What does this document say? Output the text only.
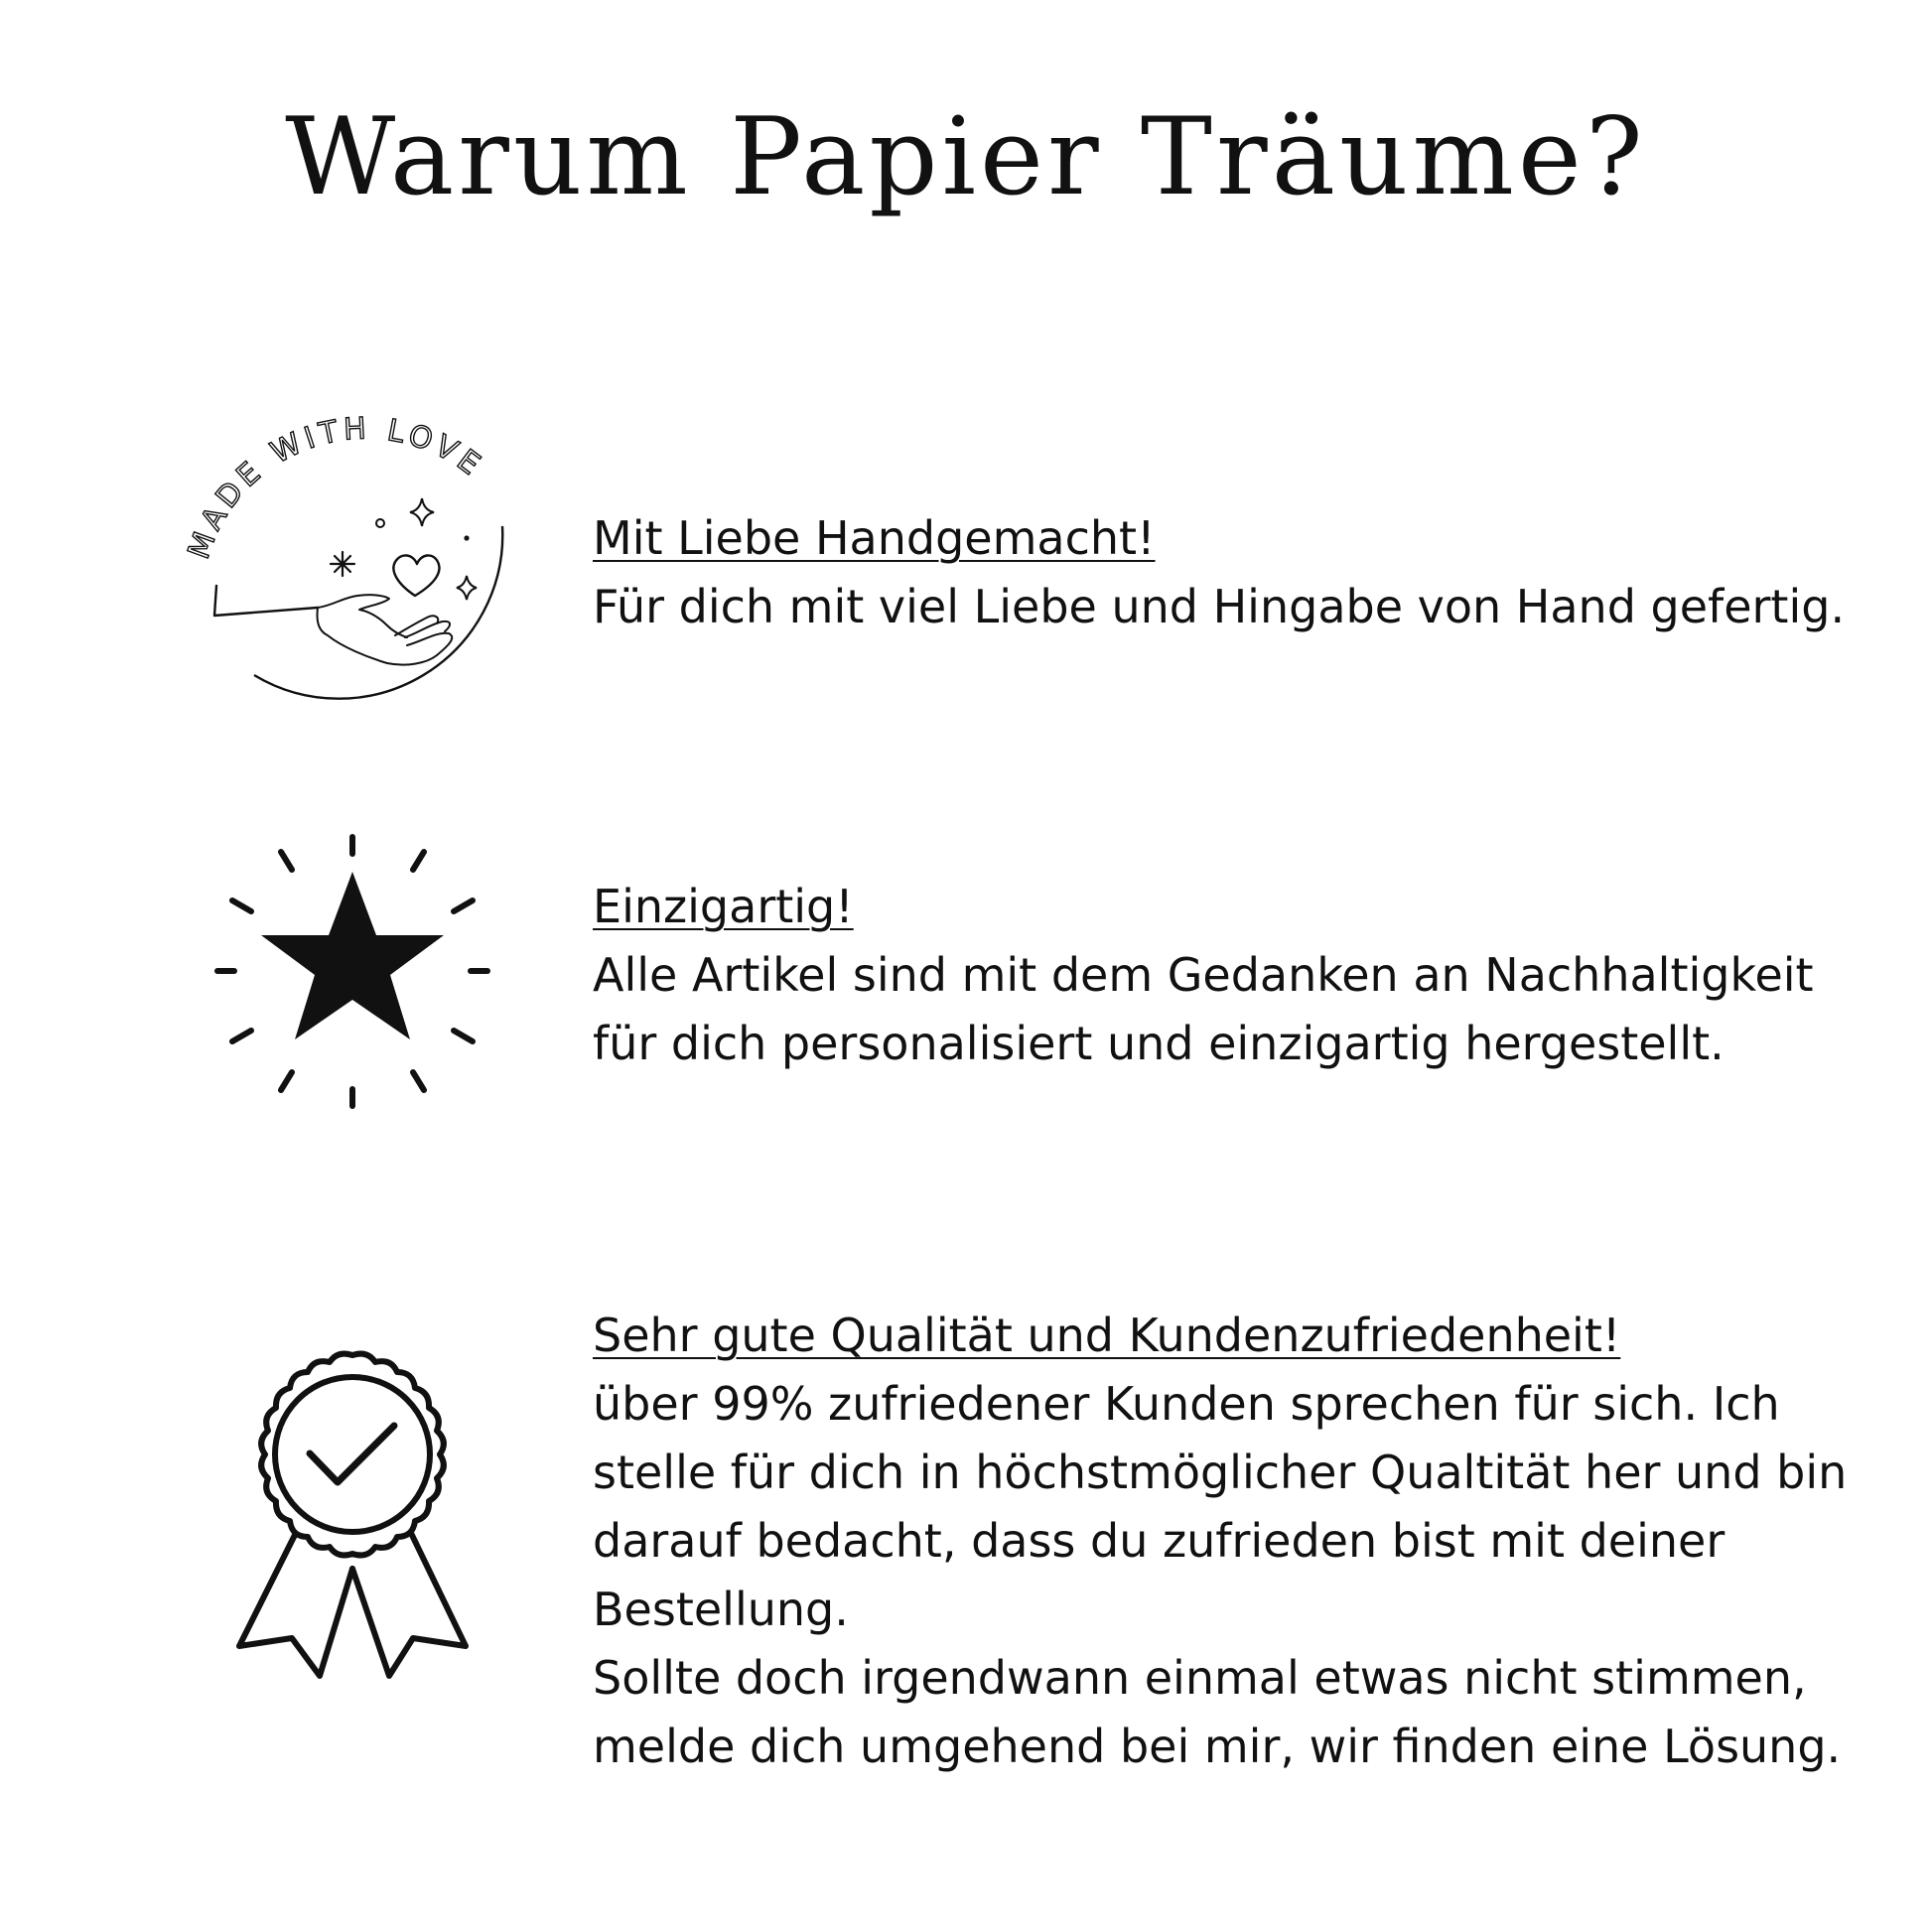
Warum Papier Träume?
MADE WITH LOVE
Mit Liebe Handgemacht!
Für dich mit viel Liebe und Hingabe von Hand gefertig.
Einzigartig!
Alle Artikel sind mit dem Gedanken an Nachhaltigkeit
für dich personalisiert und einzigartig hergestellt.
Sehr gute Qualität und Kundenzufriedenheit!
über 99% zufriedener Kunden sprechen für sich. Ich
stelle für dich in höchstmöglicher Qualtität her und bin
darauf bedacht, dass du zufrieden bist mit deiner
Bestellung.
Sollte doch irgendwann einmal etwas nicht stimmen,
melde dich umgehend bei mir, wir finden eine Lösung.
